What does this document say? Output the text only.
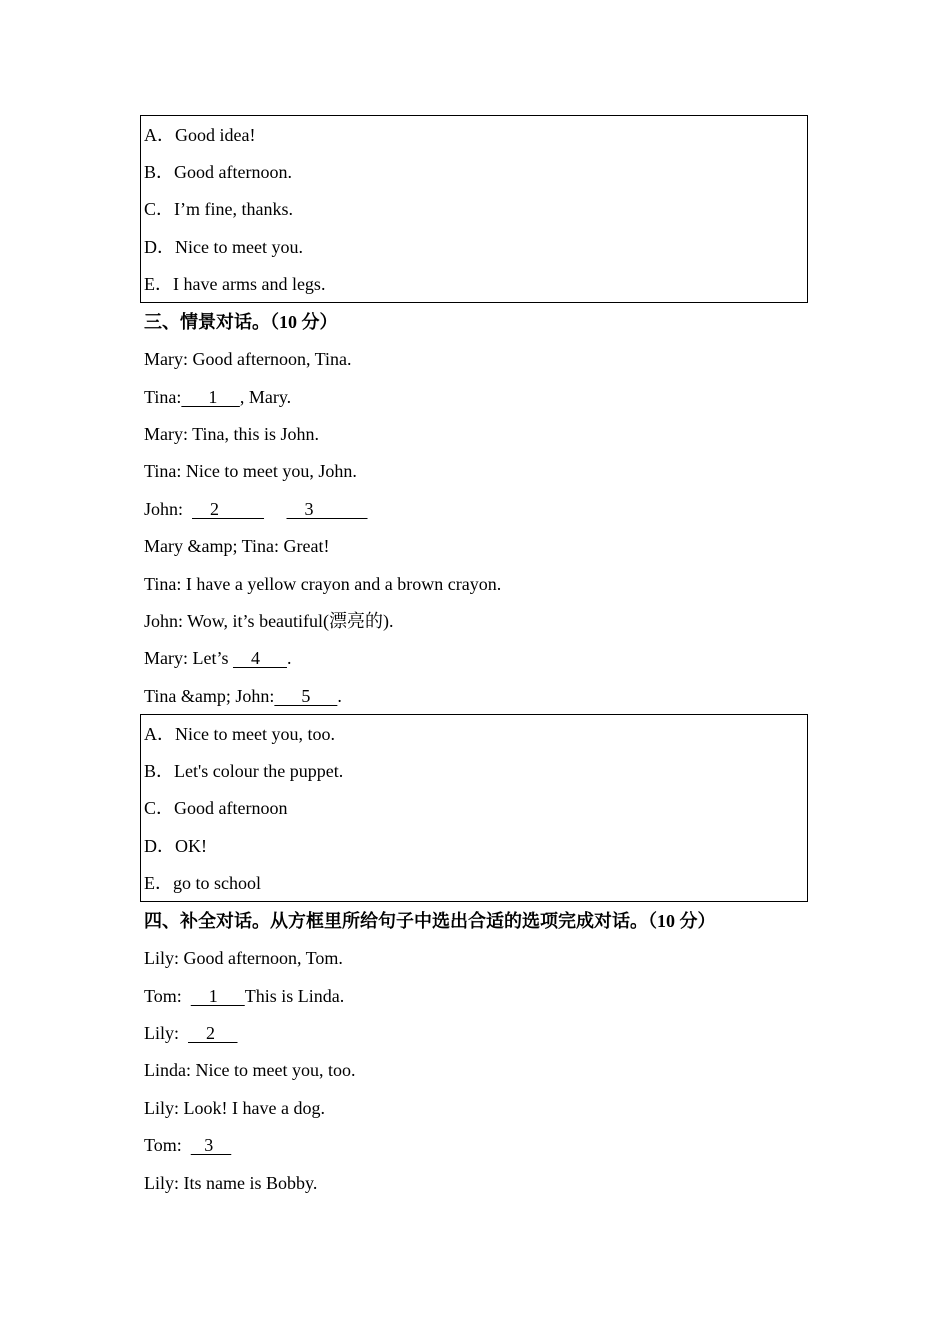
A．Good idea!
B．Good afternoon.
C．I’m fine, thanks.
D．Nice to meet you.
E．I have arms and legs.
三、情景对话。（10 分）
Mary: Good afternoon, Tina.
Tina:      1     , Mary.
Mary: Tina, this is John.
Tina: Nice to meet you, John.
John:      2                   3
Mary &amp; Tina: Great!
Tina: I have a yellow crayon and a brown crayon.
John: Wow, it’s beautiful(漂亮的).
Mary: Let’s     4      .
Tina &amp; John:      5      .
A．Nice to meet you, too.
B．Let's colour the puppet.
C．Good afternoon
D．OK!
E．go to school
四、补全对话。从方框里所给句子中选出合适的选项完成对话。（10 分）
Lily: Good afternoon, Tom.
Tom:      1      This is Linda.
Lily:      2
Linda: Nice to meet you, too.
Lily: Look! I have a dog.
Tom:     3
Lily: Its name is Bobby.
